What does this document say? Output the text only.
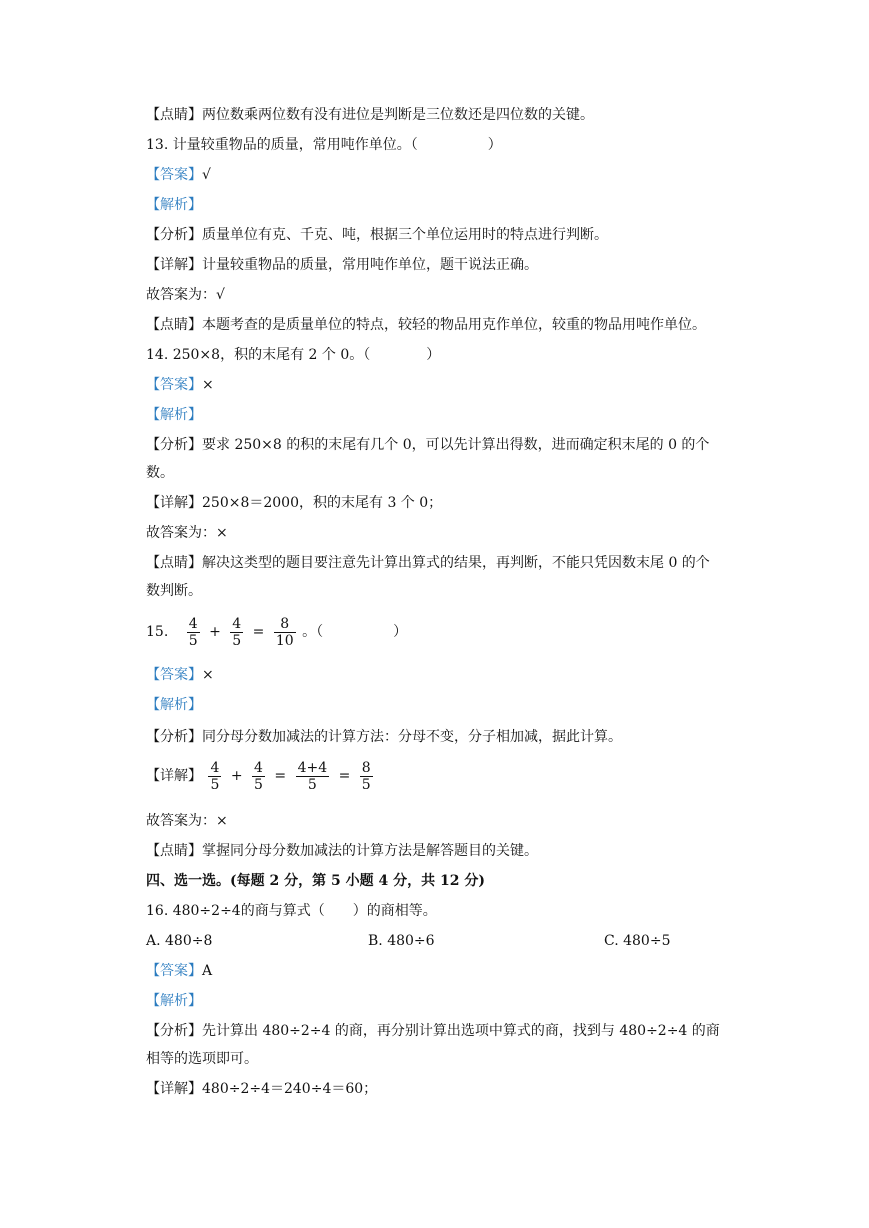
【点睛】两位数乘两位数有没有进位是判断是三位数还是四位数的关键。
13. 计量较重物品的质量，常用吨作单位。（　　　　　）
【答案】√
【解析】
【分析】质量单位有克、千克、吨，根据三个单位运用时的特点进行判断。
【详解】计量较重物品的质量，常用吨作单位，题干说法正确。
故答案为：√
【点睛】本题考查的是质量单位的特点，较轻的物品用克作单位，较重的物品用吨作单位。
14. 250×8，积的末尾有 2 个 0。（　　　　）
【答案】×
【解析】
【分析】要求 250×8 的积的末尾有几个 0，可以先计算出得数，进而确定积末尾的 0 的个
数。
【详解】250×8＝2000，积的末尾有 3 个 0；
故答案为：×
【点睛】解决这类型的题目要注意先计算出算式的结果，再判断，不能只凭因数末尾 0 的个
数判断。
15. $\frac{4}{5} + \frac{4}{5} = \frac{8}{10}$ 。（　　　　　）
【答案】×
【解析】
【分析】同分母分数加减法的计算方法：分母不变，分子相加减，据此计算。
【详解】 $\frac{4}{5} + \frac{4}{5} = \frac{4+4}{5} = \frac{8}{5}$
故答案为：×
【点睛】掌握同分母分数加减法的计算方法是解答题目的关键。
四、选一选。(每题 2 分，第 5 小题 4 分，共 12 分)
16. 480÷2÷4的商与算式（　　）的商相等。
A. 480÷8	B. 480÷6	C. 480÷5
【答案】A
【解析】
【分析】先计算出 480÷2÷4 的商，再分别计算出选项中算式的商，找到与 480÷2÷4 的商
相等的选项即可。
【详解】480÷2÷4＝240÷4＝60；
